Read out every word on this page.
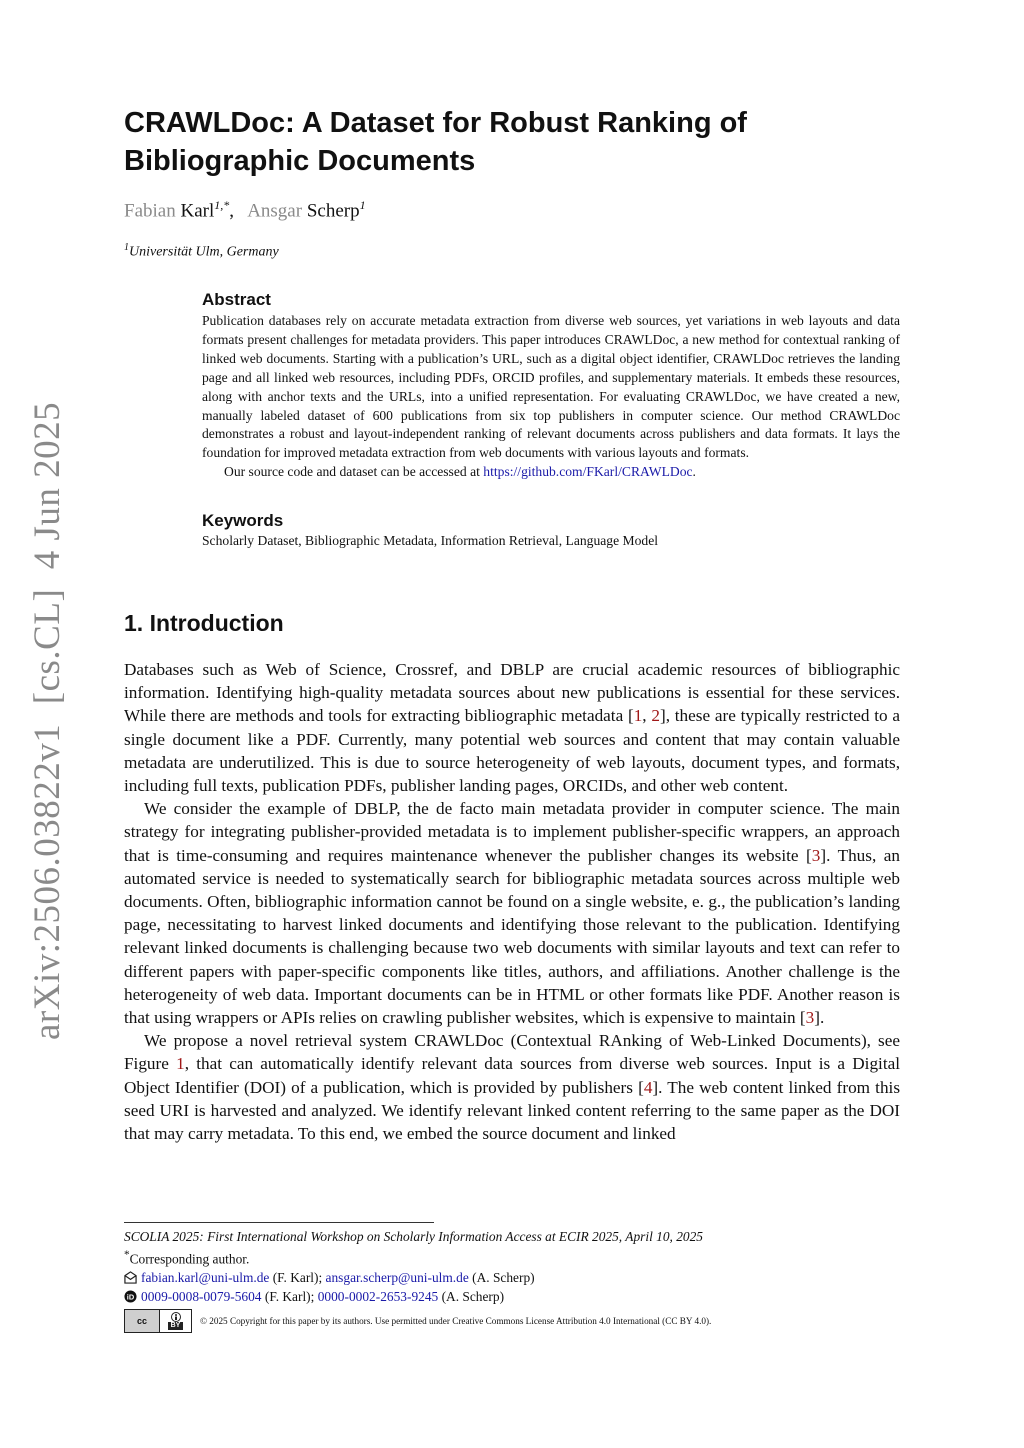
arXiv:2506.03822v1  [cs.CL]  4 Jun 2025
CRAWLDoc: A Dataset for Robust Ranking of
Bibliographic Documents
Fabian Karl$^{1,*}$,   Ansgar Scherp$^1$
$^1$Universität Ulm, Germany
Abstract

Publication databases rely on accurate metadata extraction from diverse web sources, yet variations in web layouts and data formats present challenges for metadata providers. This paper introduces CRAWLDoc, a new method for contextual ranking of linked web documents. Starting with a publication’s URL, such as a digital object identifier, CRAWLDoc retrieves the landing page and all linked web resources, including PDFs, ORCID profiles, and supplementary materials. It embeds these resources, along with anchor texts and the URLs, into a unified representation. For evaluating CRAWLDoc, we have created a new, manually labeled dataset of 600 publications from six top publishers in computer science. Our method CRAWLDoc demonstrates a robust and layout-independent ranking of relevant documents across publishers and data formats. It lays the foundation for improved metadata extraction from web documents with various layouts and formats.

Our source code and dataset can be accessed at https://github.com/FKarl/CRAWLDoc.

Keywords

Scholarly Dataset, Bibliographic Metadata, Information Retrieval, Language Model

1. Introduction

Databases such as Web of Science, Crossref, and DBLP are crucial academic resources of bibliographic information. Identifying high-quality metadata sources about new publications is essential for these services. While there are methods and tools for extracting bibliographic metadata [1, 2], these are typically restricted to a single document like a PDF. Currently, many potential web sources and content that may contain valuable metadata are underutilized. This is due to source heterogeneity of web layouts, document types, and formats, including full texts, publication PDFs, publisher landing pages, ORCIDs, and other web content.

We consider the example of DBLP, the de facto main metadata provider in computer science. The main strategy for integrating publisher-provided metadata is to implement publisher-specific wrappers, an approach that is time-consuming and requires maintenance whenever the publisher changes its website [3]. Thus, an automated service is needed to systematically search for bibliographic metadata sources across multiple web documents. Often, bibliographic information cannot be found on a single website, e. g., the publication’s landing page, necessitating to harvest linked documents and identifying those relevant to the publication. Identifying relevant linked documents is challenging because two web documents with similar layouts and text can refer to different papers with paper-specific components like titles, authors, and affiliations. Another challenge is the heterogeneity of web data. Important documents can be in HTML or other formats like PDF. Another reason is that using wrappers or APIs relies on crawling publisher websites, which is expensive to maintain [3].

We propose a novel retrieval system CRAWLDoc (Contextual RAnking of Web-Linked Documents), see Figure 1, that can automatically identify relevant data sources from diverse web sources. Input is a Digital Object Identifier (DOI) of a publication, which is provided by publishers [4]. The web content linked from this seed URI is harvested and analyzed. We identify relevant linked content referring to the same paper as the DOI that may carry metadata. To this end, we embed the source document and linked

SCOLIA 2025: First International Workshop on Scholarly Information Access at ECIR 2025, April 10, 2025
*Corresponding author.
fabian.karl@uni-ulm.de (F. Karl); ansgar.scherp@uni-ulm.de (A. Scherp)
iD 0009-0008-0079-5604 (F. Karl); 0000-0002-2653-9245 (A. Scherp)
cc	BY	© 2025 Copyright for this paper by its authors. Use permitted under Creative Commons License Attribution 4.0 International (CC BY 4.0).
